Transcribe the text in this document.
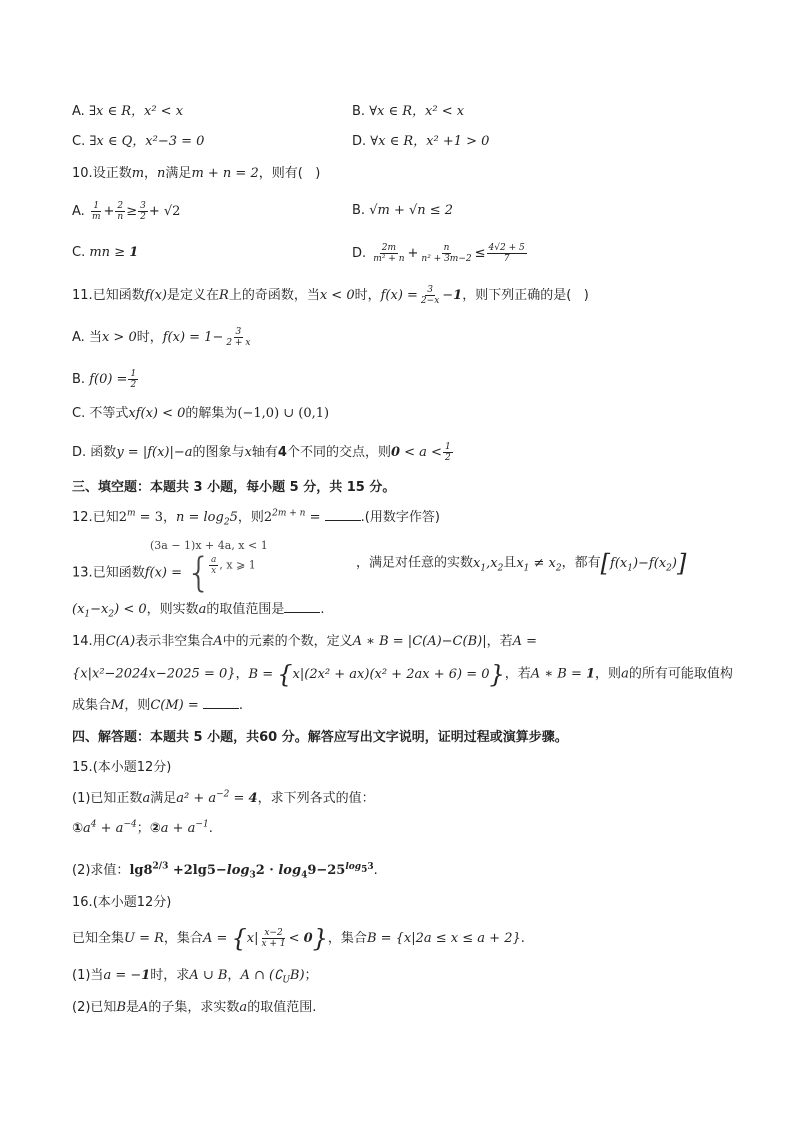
A. ∃x ∈ R，x² < x	B. ∀x ∈ R，x² < x
C. ∃x ∈ Q，x²−3 = 0	D. ∀x ∈ R，x² +1 > 0
10.设正数m，n满足m + n = 2，则有( )
A. $\frac{1}{m} + \frac{2}{n} \ge \frac{3}{2} + √2$	B. √m + √n ≤ 2
C. mn ≥ 1	D. $\frac{2m}{\text{m² + n}} + \frac{n}{\text{n² + 3m−2}} \le \frac{4√2 + 5}{7}$
11.已知函数f(x)是定义在R上的奇函数，当x < 0时，$f(x) = \frac{3}{2-x} -1$，则下列正确的是( )
A. 当x > 0时，$f(x) = 1- \frac{3}{2 + x}$
B. $f(0) = \frac{1}{2}$
C. 不等式xf(x) < 0的解集为(−1,0) ∪ (0,1)
D. 函数y = |f(x)|−a的图象与x轴有4个不同的交点，则$0 < a < \frac{1}{2}$
三、填空题：本题共 3 小题，每小题 5 分，共 15 分。
12.已知$2^m = 3$，$n = \log_25$，则$2^{2m + n}$ =	.(用数字作答)
13.已知函数f(x) = {
(3a − 1)x + 4a, x < 1
$\frac{a}{x}$ , x ⩾ 1	，满足对任意的实数$x_1,x_2$且$x_1 \ne x_2$，都有$[f(x_1)-f(x_2)]$
$(x_1-x_2) < 0$，则实数a的取值范围是	.
14.用C(A)表示非空集合A中的元素的个数，定义A ∗ B = |C(A)−C(B)|，若A =
{x|x²−2024x−2025 = 0}，B = {x|(2x² + ax)(x² + 2ax + 6) = 0}，若A ∗ B = 1，则a的所有可能取值构
成集合M，则C(M) =	.
四、解答题：本题共 5 小题，共60 分。解答应写出文字说明，证明过程或演算步骤。
15.(本小题12分)
(1)已知正数a满足$a^2 + a^{-2} = 4$，求下列各式的值：
$①a^4 + a^{-4}$；②a + $a^{-1}$.
(2)求值：$\lg 8^{2/3} +2\lg 5-\log_32 \cdot \log_49-25^{log_53}$.
16.(本小题12分)
已知全集U = R，集合$A = \{x| \frac{x-2}{x + 1} < 0\}$，集合B = {x|2a ≤ x ≤ a + 2}.
(1)当a = −1时，求A ∪ B，A ∩ $(∁_UB)$；
(2)已知B是A的子集，求实数a的取值范围.
